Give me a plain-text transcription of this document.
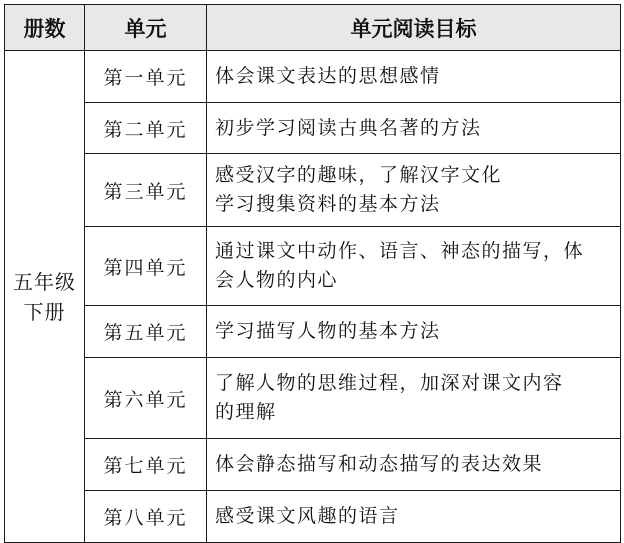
册数	单元	单元阅读目标

五年级
下册	第一单元	体会课文表达的思想感情

	第二单元	初步学习阅读古典名著的方法

	第三单元	感受汉字的趣味，了解汉字文化
学习搜集资料的基本方法

	第四单元	通过课文中动作、语言、神态的描写，体
会人物的内心

	第五单元	学习描写人物的基本方法

	第六单元	了解人物的思维过程，加深对课文内容
的理解

	第七单元	体会静态描写和动态描写的表达效果

	第八单元	感受课文风趣的语言
